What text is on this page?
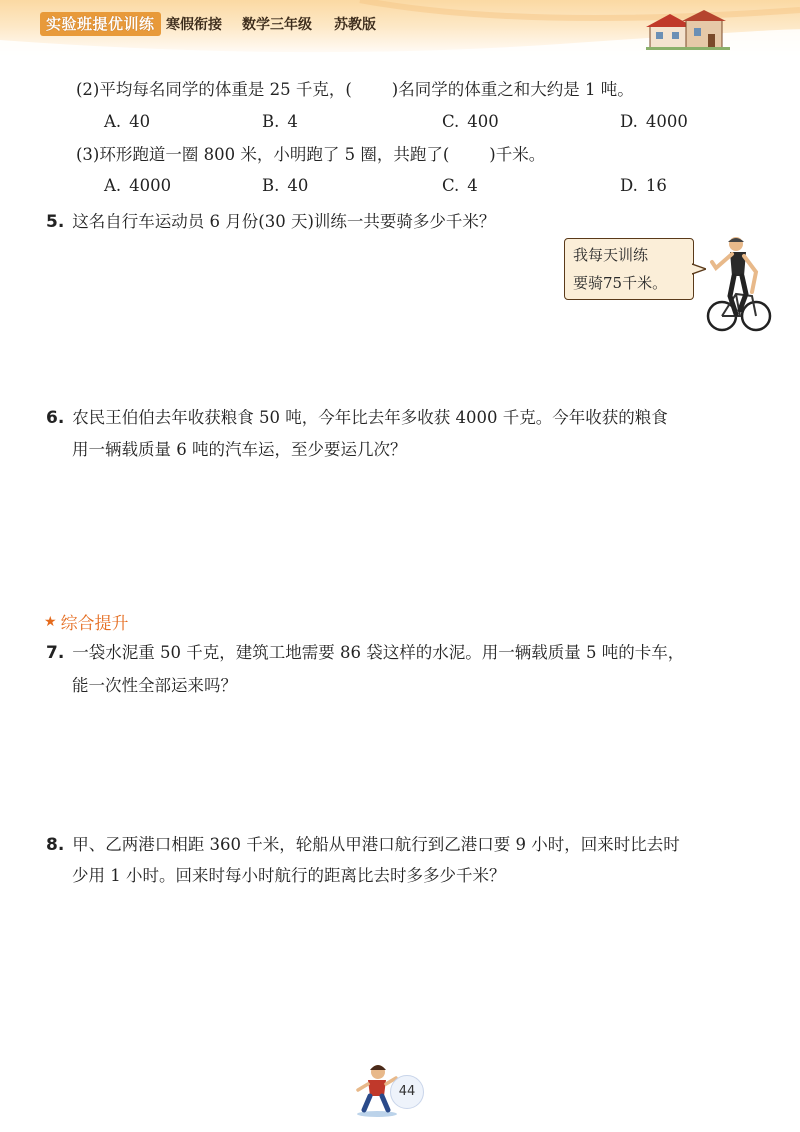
实验班提优训练 寒假衔接 数学三年级 苏教版
(2)平均每名同学的体重是 25 千克，( )名同学的体重之和大约是 1 吨。
A. 40	B. 4	C. 400	D. 4000
(3)环形跑道一圈 800 米，小明跑了 5 圈，共跑了( )千米。
A. 4000	B. 40	C. 4	D. 16
5. 这名自行车运动员 6 月份(30 天)训练一共要骑多少千米？
我每天训练
要骑75千米。
6. 农民王伯伯去年收获粮食 50 吨，今年比去年多收获 4000 千克。今年收获的粮食
用一辆载质量 6 吨的汽车运，至少要运几次？
★ 综合提升
7. 一袋水泥重 50 千克，建筑工地需要 86 袋这样的水泥。用一辆载质量 5 吨的卡车，
能一次性全部运来吗？
8. 甲、乙两港口相距 360 千米，轮船从甲港口航行到乙港口要 9 小时，回来时比去时
少用 1 小时。回来时每小时航行的距离比去时多多少千米？
44
